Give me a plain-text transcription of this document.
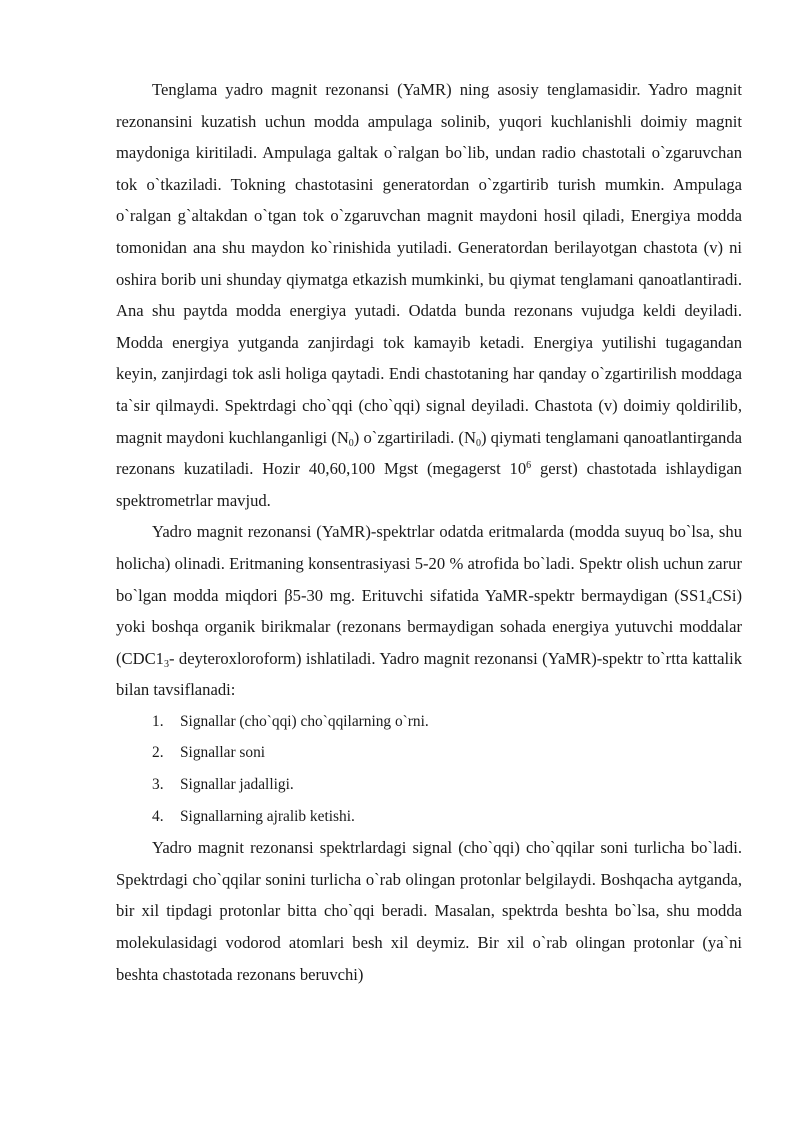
Tenglama yadro magnit rezonansi (YaMR) ning asosiy tenglamasidir. Yadro magnit rezonansini kuzatish uchun modda ampulaga solinib, yuqori kuchlanishli doimiy magnit maydoniga kiritiladi. Ampulaga galtak o`ralgan bo`lib, undan radio chastotali o`zgaruvchan tok o`tkaziladi. Tokning chastotasini generatordan o`zgartirib turish mumkin. Ampulaga o`ralgan g`altakdan o`tgan tok o`zgaruvchan magnit maydoni hosil qiladi, Energiya modda tomonidan ana shu maydon ko`rinishida yutiladi. Generatordan berilayotgan chastota (v) ni oshira borib uni shunday qiymatga etkazish mumkinki, bu qiymat tenglamani qanoatlantiradi. Ana shu paytda modda energiya yutadi. Odatda bunda rezonans vujudga keldi deyiladi. Modda energiya yutganda zanjirdagi tok kamayib ketadi. Energiya yutilishi tugagandan keyin, zanjirdagi tok asli holiga qaytadi. Endi chastotaning har qanday o`zgartirilish moddaga ta`sir qilmaydi. Spektrdagi cho`qqi (cho`qqi) signal deyiladi. Chastota (v) doimiy qoldirilib, magnit maydoni kuchlanganligi $(N_0)$ o`zgartiriladi. $(N_0)$ qiymati tenglamani qanoatlantirganda rezonans kuzatiladi. Hozir 40,60,100 Mgst (megagerst $10^6$ gerst) chastotada ishlaydigan spektrometrlar mavjud.

Yadro magnit rezonansi (YaMR)-spektrlar odatda eritmalarda (modda suyuq bo`lsa, shu holicha) olinadi. Eritmaning konsentrasiyasi 5-20 % atrofida bo`ladi. Spektr olish uchun zarur bo`lgan modda miqdori β5-30 mg. Erituvchi sifatida YaMR-spektr bermaydigan $(SS1_4CSi)$ yoki boshqa organik birikmalar (rezonans bermaydigan sohada energiya yutuvchi moddalar ($CDC1_3-$ deyteroxloroform) ishlatiladi. Yadro magnit rezonansi (YaMR)-spektr to`rtta kattalik bilan tavsiflanadi:

1. Signallar (cho`qqi) cho`qqilarning o`rni.
2. Signallar soni
3. Signallar jadalligi.
4. Signallarning ajralib ketishi.

Yadro magnit rezonansi spektrlardagi signal (cho`qqi) cho`qqilar soni turlicha bo`ladi. Spektrdagi cho`qqilar sonini turlicha o`rab olingan protonlar belgilaydi. Boshqacha aytganda, bir xil tipdagi protonlar bitta cho`qqi beradi. Masalan, spektrda beshta bo`lsa, shu modda molekulasidagi vodorod atomlari besh xil deymiz. Bir xil o`rab olingan protonlar (ya`ni beshta chastotada rezonans beruvchi)
